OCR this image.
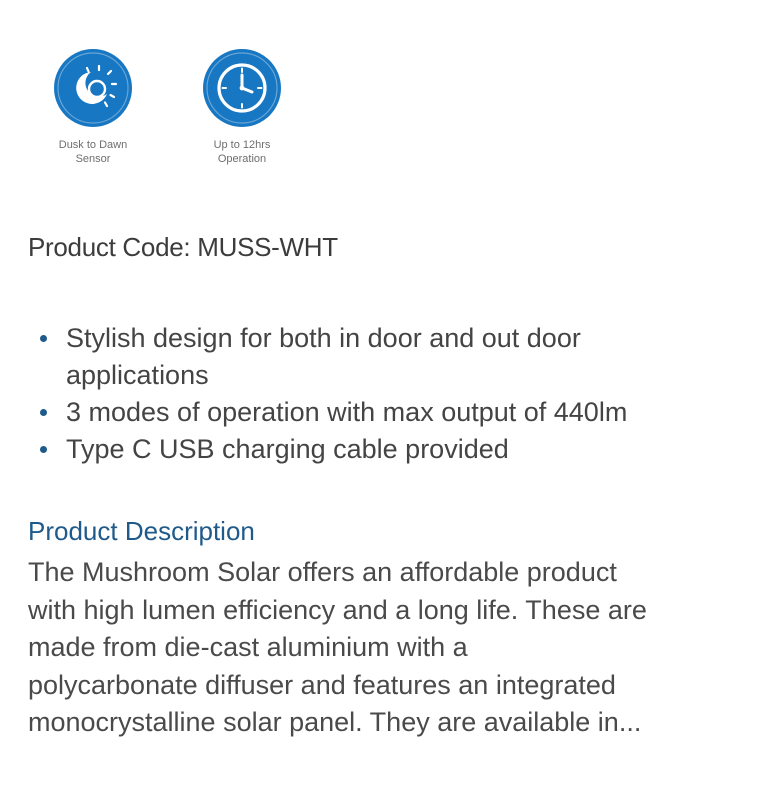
Dusk to Dawn
Sensor
Up to 12hrs
Operation
Product Code: MUSS-WHT
Stylish design for both in door and out door
applications
3 modes of operation with max output of 440lm
Type C USB charging cable provided
Product Description
The Mushroom Solar offers an affordable product
with high lumen efficiency and a long life. These are
made from die-cast aluminium with a
polycarbonate diffuser and features an integrated
monocrystalline solar panel. They are available in...
